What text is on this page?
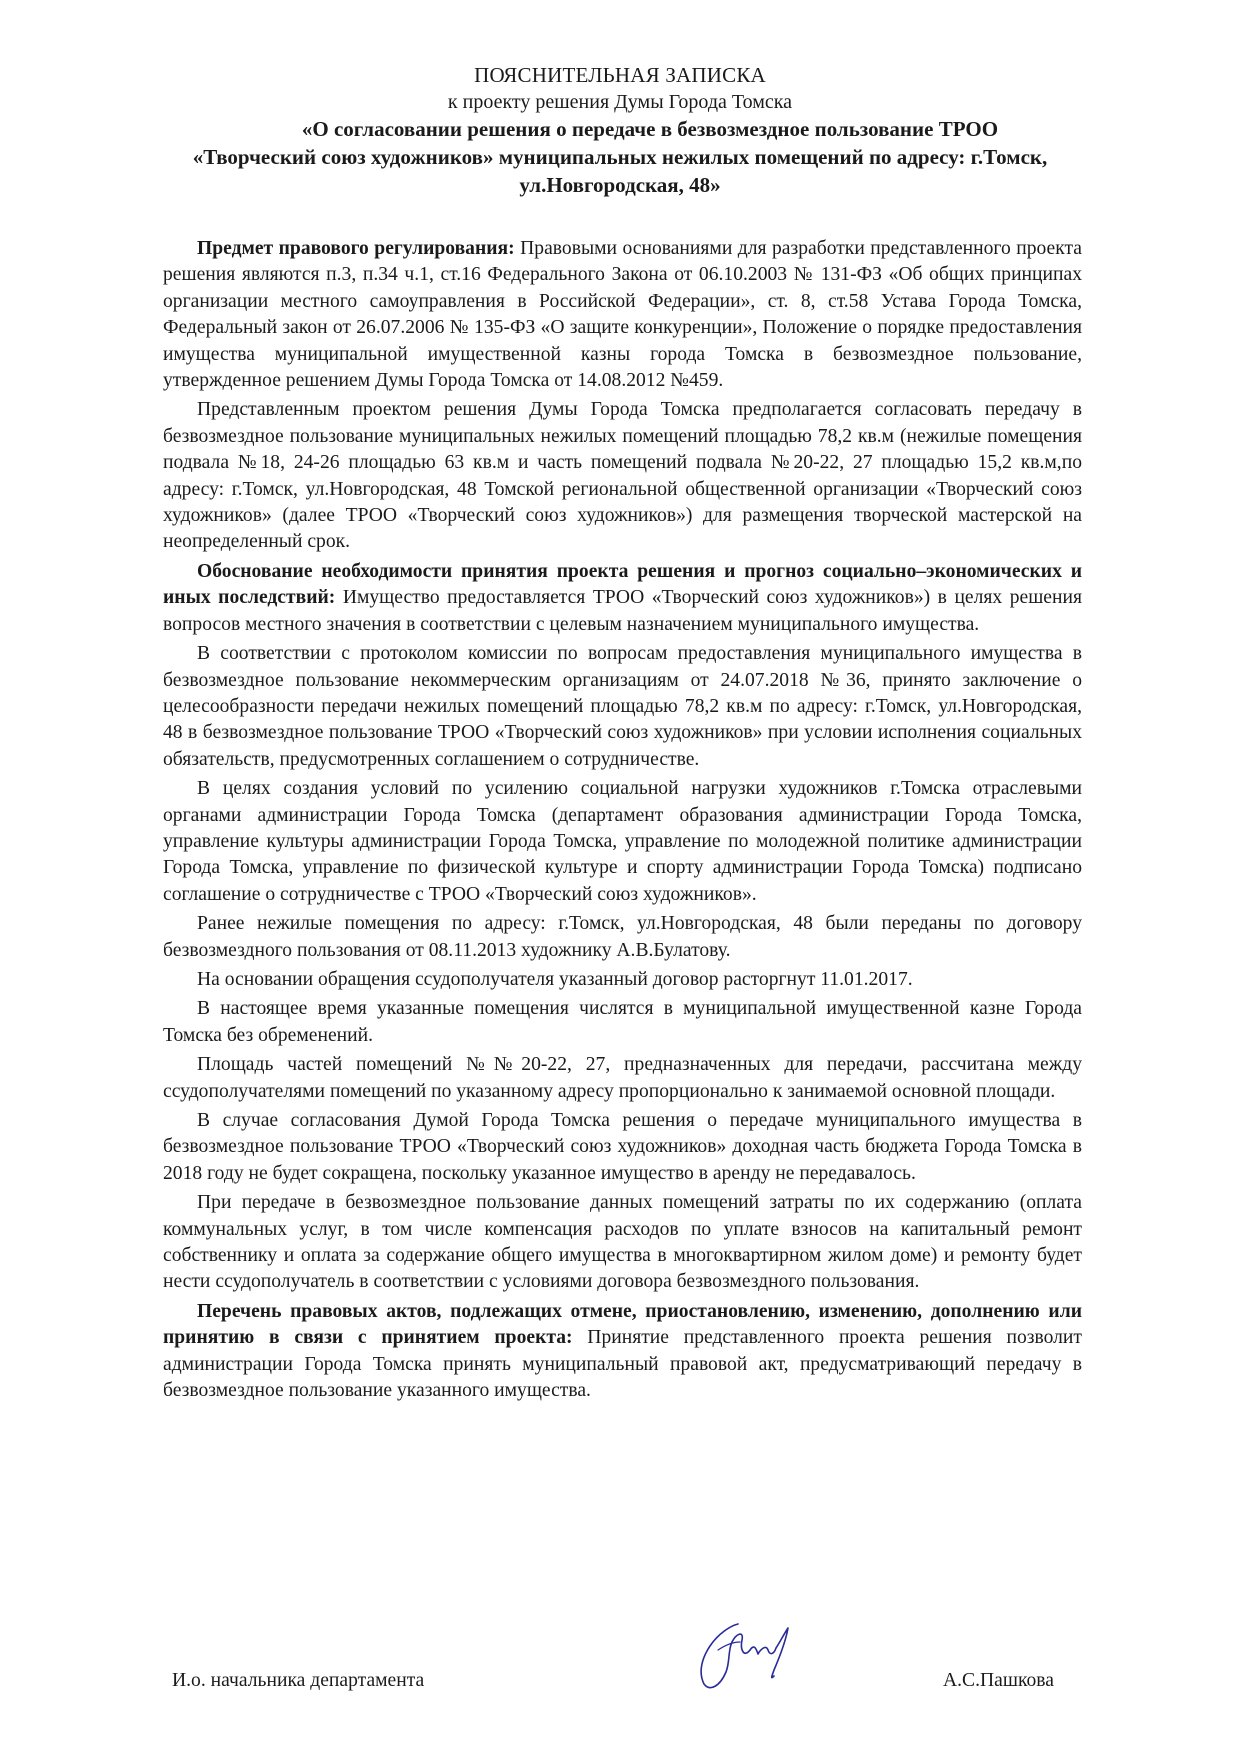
ПОЯСНИТЕЛЬНАЯ ЗАПИСКА
к проекту решения Думы Города Томска
«О согласовании решения о передаче в безвозмездное пользование ТРОО
«Творческий союз художников» муниципальных нежилых помещений по адресу: г.Томск,
ул.Новгородская, 48»

Предмет правового регулирования: Правовыми основаниями для разработки представленного проекта решения являются п.3, п.34 ч.1, ст.16 Федерального Закона от 06.10.2003 № 131-ФЗ «Об общих принципах организации местного самоуправления в Российской Федерации», ст. 8, ст.58 Устава Города Томска, Федеральный закон от 26.07.2006 № 135-ФЗ «О защите конкуренции», Положение о порядке предоставления имущества муниципальной имущественной казны города Томска в безвозмездное пользование, утвержденное решением Думы Города Томска от 14.08.2012 №459.

Представленным проектом решения Думы Города Томска предполагается согласовать передачу в безвозмездное пользование муниципальных нежилых помещений площадью 78,2 кв.м (нежилые помещения подвала №18, 24-26 площадью 63 кв.м и часть помещений подвала №20-22, 27 площадью 15,2 кв.м,по адресу: г.Томск, ул.Новгородская, 48 Томской региональной общественной организации «Творческий союз художников» (далее ТРОО «Творческий союз художников») для размещения творческой мастерской на неопределенный срок.

Обоснование необходимости принятия проекта решения и прогноз социально–экономических и иных последствий: Имущество предоставляется ТРОО «Творческий союз художников») в целях решения вопросов местного значения в соответствии с целевым назначением муниципального имущества.

В соответствии с протоколом комиссии по вопросам предоставления муниципального имущества в безвозмездное пользование некоммерческим организациям от 24.07.2018 №36, принято заключение о целесообразности передачи нежилых помещений площадью 78,2 кв.м по адресу: г.Томск, ул.Новгородская, 48 в безвозмездное пользование ТРОО «Творческий союз художников» при условии исполнения социальных обязательств, предусмотренных соглашением о сотрудничестве.

В целях создания условий по усилению социальной нагрузки художников г.Томска отраслевыми органами администрации Города Томска (департамент образования администрации Города Томска, управление культуры администрации Города Томска, управление по молодежной политике администрации Города Томска, управление по физической культуре и спорту администрации Города Томска) подписано соглашение о сотрудничестве с ТРОО «Творческий союз художников».

Ранее нежилые помещения по адресу: г.Томск, ул.Новгородская, 48 были переданы по договору безвозмездного пользования от 08.11.2013 художнику А.В.Булатову.

На основании обращения ссудополучателя указанный договор расторгнут 11.01.2017.

В настоящее время указанные помещения числятся в муниципальной имущественной казне Города Томска без обременений.

Площадь частей помещений №№20-22, 27, предназначенных для передачи, рассчитана между ссудополучателями помещений по указанному адресу пропорционально к занимаемой основной площади.

В случае согласования Думой Города Томска решения о передаче муниципального имущества в безвозмездное пользование ТРОО «Творческий союз художников» доходная часть бюджета Города Томска в 2018 году не будет сокращена, поскольку указанное имущество в аренду не передавалось.

При передаче в безвозмездное пользование данных помещений затраты по их содержанию (оплата коммунальных услуг, в том числе компенсация расходов по уплате взносов на капитальный ремонт собственнику и оплата за содержание общего имущества в многоквартирном жилом доме) и ремонту будет нести ссудополучатель в соответствии с условиями договора безвозмездного пользования.

Перечень правовых актов, подлежащих отмене, приостановлению, изменению, дополнению или принятию в связи с принятием проекта: Принятие представленного проекта решения позволит администрации Города Томска принять муниципальный правовой акт, предусматривающий передачу в безвозмездное пользование указанного имущества.

И.о. начальника департамента	А.С.Пашкова
